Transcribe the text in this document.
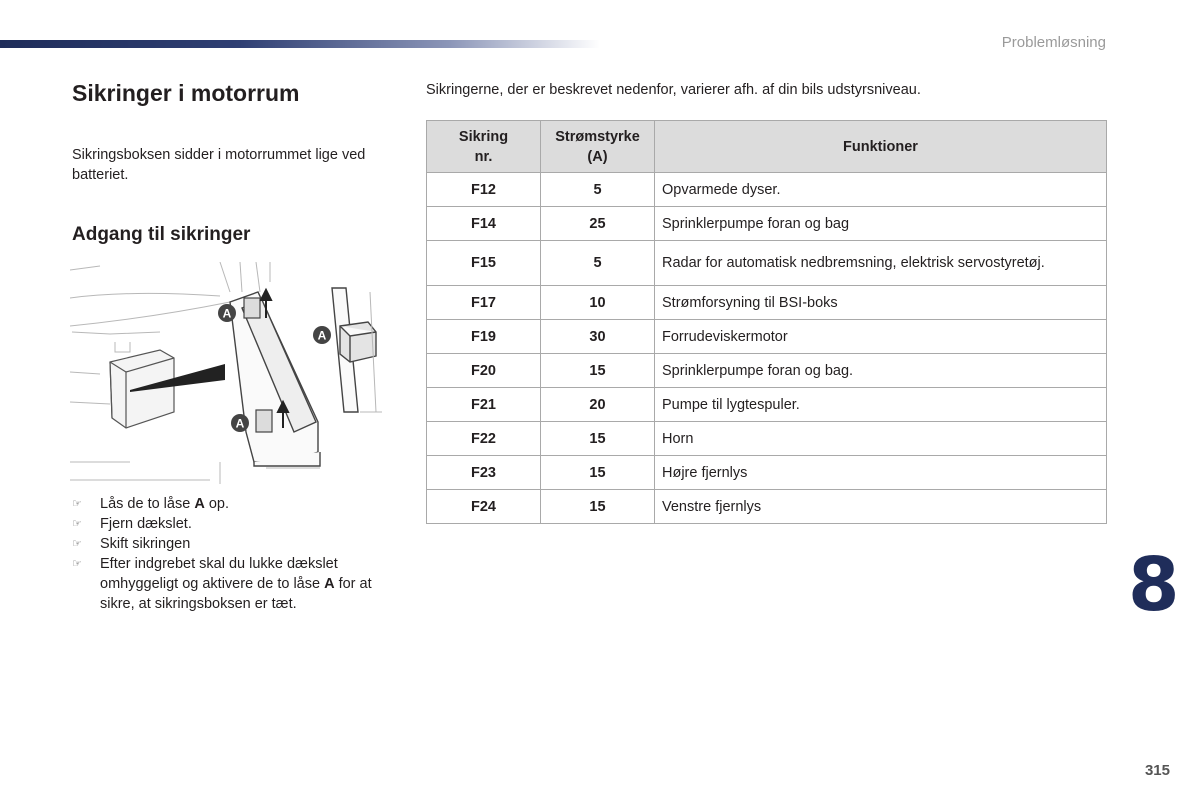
Problemløsning
Sikringer i motorrum
Sikringsboksen sidder i motorrummet lige ved batteriet.
Adgang til sikringer
A
A
A
☞ Lås de to låse A op.
☞ Fjern dækslet.
☞ Skift sikringen
☞ Efter indgrebet skal du lukke dækslet omhyggeligt og aktivere de to låse A for at sikre, at sikringsboksen er tæt.
Sikringerne, der er beskrevet nedenfor, varierer afh. af din bils udstyrsniveau.
Sikring nr.	Strømstyrke (A)	Funktioner
F12	5	Opvarmede dyser.
F14	25	Sprinklerpumpe foran og bag
F15	5	Radar for automatisk nedbremsning, elektrisk servostyretøj.
F17	10	Strømforsyning til BSI-boks
F19	30	Forrudeviskermotor
F20	15	Sprinklerpumpe foran og bag.
F21	20	Pumpe til lygtespuler.
F22	15	Horn
F23	15	Højre fjernlys
F24	15	Venstre fjernlys
8
315
